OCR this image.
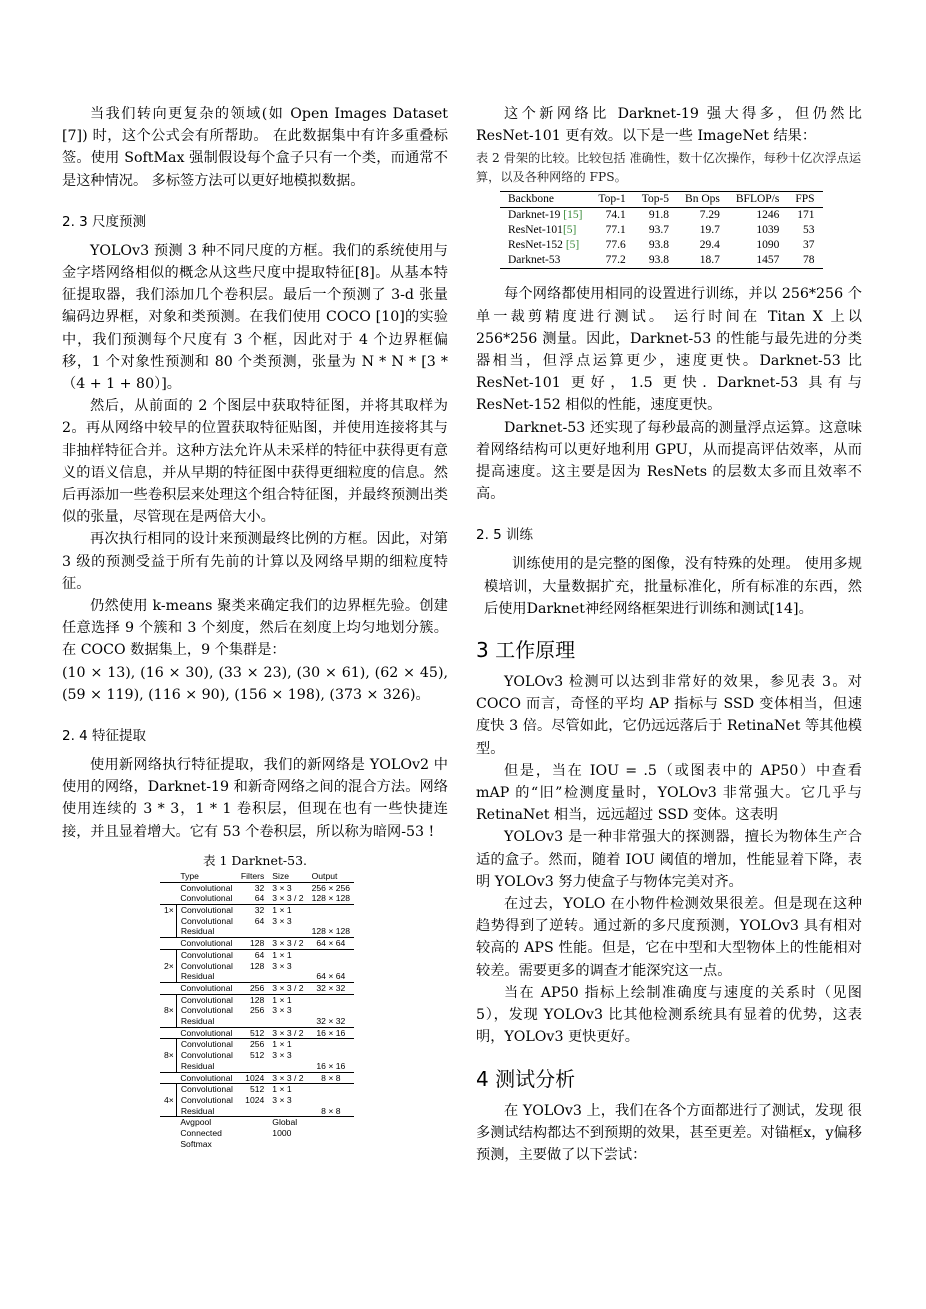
当我们转向更复杂的领域(如 Open Images Dataset [7]) 时，这个公式会有所帮助。 在此数据集中有许多重叠标签。使用 SoftMax 强制假设每个盒子只有一个类，而通常不是这种情况。 多标签方法可以更好地模拟数据。

2. 3 尺度预测

YOLOv3 预测 3 种不同尺度的方框。我们的系统使用与金字塔网络相似的概念从这些尺度中提取特征[8]。从基本特征提取器，我们添加几个卷积层。最后一个预测了 3-d 张量编码边界框，对象和类预测。在我们使用 COCO [10]的实验中，我们预测每个尺度有 3 个框，因此对于 4 个边界框偏移，1 个对象性预测和 80 个类预测，张量为 N * N * [3 *（4 + 1 + 80）]。

然后，从前面的 2 个图层中获取特征图，并将其取样为 2。再从网络中较早的位置获取特征贴图，并使用连接将其与非抽样特征合并。这种方法允许从未采样的特征中获得更有意义的语义信息，并从早期的特征图中获得更细粒度的信息。然后再添加一些卷积层来处理这个组合特征图，并最终预测出类似的张量，尽管现在是两倍大小。

再次执行相同的设计来预测最终比例的方框。因此，对第 3 级的预测受益于所有先前的计算以及网络早期的细粒度特征。

仍然使用 k-means 聚类来确定我们的边界框先验。创建任意选择 9 个簇和 3 个刻度，然后在刻度上均匀地划分簇。 在 COCO 数据集上，9 个集群是：

(10 × 13), (16 × 30), (33 × 23), (30 × 61), (62 × 45), (59 × 119), (116 × 90), (156 × 198), (373 × 326)。

2. 4 特征提取

使用新网络执行特征提取，我们的新网络是 YOLOv2 中使用的网络，Darknet-19 和新奇网络之间的混合方法。网络使用连续的 3 * 3，1 * 1 卷积层，但现在也有一些快捷连接，并且显着增大。它有 53 个卷积层，所以称为暗网-53 !

表 1 Darknet-53.
	Type	Filters	Size	Output
	Convolutional	32	3 × 3	256 × 256
	Convolutional	64	3 × 3 / 2	128 × 128
1×	Convolutional	32	1 × 1	
	Convolutional	64	3 × 3	
	Residual			128 × 128
	Convolutional	128	3 × 3 / 2	64 × 64
	Convolutional	64	1 × 1	
2×	Convolutional	128	3 × 3	
	Residual			64 × 64
	Convolutional	256	3 × 3 / 2	32 × 32
	Convolutional	128	1 × 1	
8×	Convolutional	256	3 × 3	
	Residual			32 × 32
	Convolutional	512	3 × 3 / 2	16 × 16
	Convolutional	256	1 × 1	
8×	Convolutional	512	3 × 3	
	Residual			16 × 16
	Convolutional	1024	3 × 3 / 2	8 × 8
	Convolutional	512	1 × 1	
4×	Convolutional	1024	3 × 3	
	Residual			8 × 8
	Avgpool		Global	
	Connected		1000	
	Softmax			

这个新网络比 Darknet-19 强大得多，但仍然比 ResNet-101 更有效。以下是一些 ImageNet 结果：

表 2 骨架的比较。比较包括 准确性，数十亿次操作，每秒十亿次浮点运算，以及各种网络的 FPS。
Backbone	Top-1	Top-5	Bn Ops	BFLOP/s	FPS
Darknet-19 [15]	74.1	91.8	7.29	1246	171
ResNet-101[5]	77.1	93.7	19.7	1039	53
ResNet-152 [5]	77.6	93.8	29.4	1090	37
Darknet-53	77.2	93.8	18.7	1457	78

每个网络都使用相同的设置进行训练，并以 256*256 个单一裁剪精度进行测试。 运行时间在 Titan X 上以 256*256 测量。因此，Darknet-53 的性能与最先进的分类器相当，但浮点运算更少，速度更快。Darknet-53 比 ResNet-101 更好，1.5 更快. Darknet-53 具有与 ResNet-152 相似的性能，速度更快。

Darknet-53 还实现了每秒最高的测量浮点运算。这意味着网络结构可以更好地利用 GPU，从而提高评估效率，从而提高速度。这主要是因为 ResNets 的层数太多而且效率不高。

2. 5 训练

训练使用的是完整的图像，没有特殊的处理。 使用多规模培训，大量数据扩充，批量标准化，所有标准的东西，然后使用Darknet神经网络框架进行训练和测试[14]。

3 工作原理

YOLOv3 检测可以达到非常好的效果，参见表 3。对 COCO 而言，奇怪的平均 AP 指标与 SSD 变体相当，但速度快 3 倍。尽管如此，它仍远远落后于 RetinaNet 等其他模型。

但是，当在 IOU = .5（或图表中的 AP50）中查看 mAP 的“旧”检测度量时，YOLOv3 非常强大。它几乎与 RetinaNet 相当，远远超过 SSD 变体。这表明

YOLOv3 是一种非常强大的探测器，擅长为物体生产合适的盒子。然而，随着 IOU 阈值的增加，性能显着下降，表明 YOLOv3 努力使盒子与物体完美对齐。

在过去，YOLO 在小物件检测效果很差。但是现在这种趋势得到了逆转。通过新的多尺度预测，YOLOv3 具有相对较高的 APS 性能。但是，它在中型和大型物体上的性能相对较差。需要更多的调查才能深究这一点。

当在 AP50 指标上绘制准确度与速度的关系时（见图 5），发现 YOLOv3 比其他检测系统具有显着的优势，这表明，YOLOv3 更快更好。

4 测试分析

在 YOLOv3 上，我们在各个方面都进行了测试，发现 很多测试结构都达不到预期的效果，甚至更差。对锚框x，y偏移预测，主要做了以下尝试：
